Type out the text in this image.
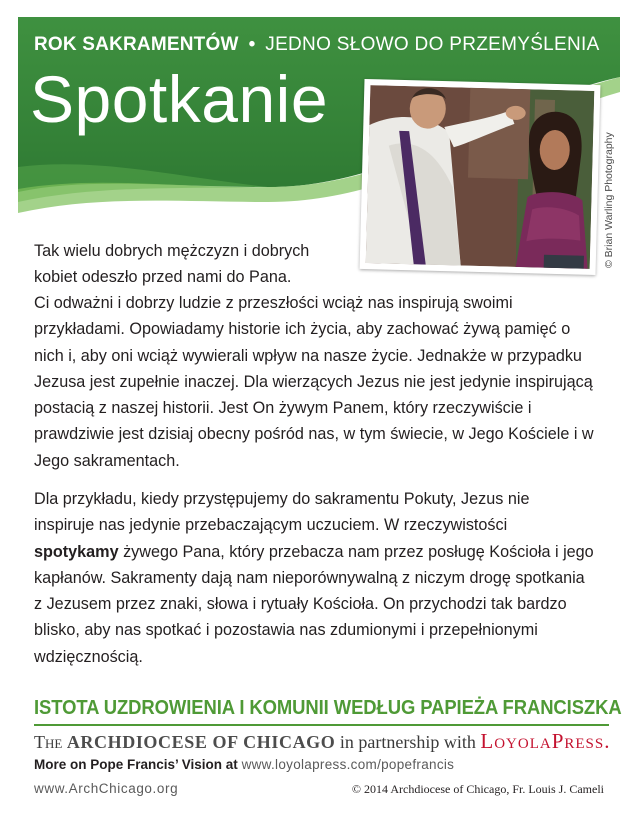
ROK SAKRAMENTÓW • JEDNO SŁOWO DO PRZEMYŚLENIA
Spotkanie
© Brian Warling Photography

Tak wielu dobrych mężczyzn i dobrych kobiet odeszło przed nami do Pana.

Ci odważni i dobrzy ludzie z przeszłości wciąż nas inspirują swoimi przykładami. Opowiadamy historie ich życia, aby zachować żywą pamięć o nich i, aby oni wciąż wywierali wpływ na nasze życie. Jednakże w przypadku Jezusa jest zupełnie inaczej. Dla wierzących Jezus nie jest jedynie inspirującą postacią z naszej historii. Jest On żywym Panem, który rzeczywiście i prawdziwie jest dzisiaj obecny pośród nas, w tym świecie, w Jego Kościele i w Jego sakramentach.

Dla przykładu, kiedy przystępujemy do sakramentu Pokuty, Jezus nie inspiruje nas jedynie przebaczającym uczuciem. W rzeczywistości spotykamy żywego Pana, który przebacza nam przez posługę Kościoła i jego kapłanów. Sakramenty dają nam nieporównywalną z niczym drogę spotkania z Jezusem przez znaki, słowa i rytuały Kościoła. On przychodzi tak bardzo blisko, aby nas spotkać i pozostawia nas zdumionymi i przepełnionymi wdzięcznością.

ISTOTA UZDROWIENIA I KOMUNII WEDŁUG PAPIEŻA FRANCISZKA
The ARCHDIOCESE OF CHICAGO in partnership with LoyolaPress.
More on Pope Francis’ Vision at www.loyolapress.com/popefrancis
www.ArchChicago.org	© 2014 Archdiocese of Chicago, Fr. Louis J. Cameli
